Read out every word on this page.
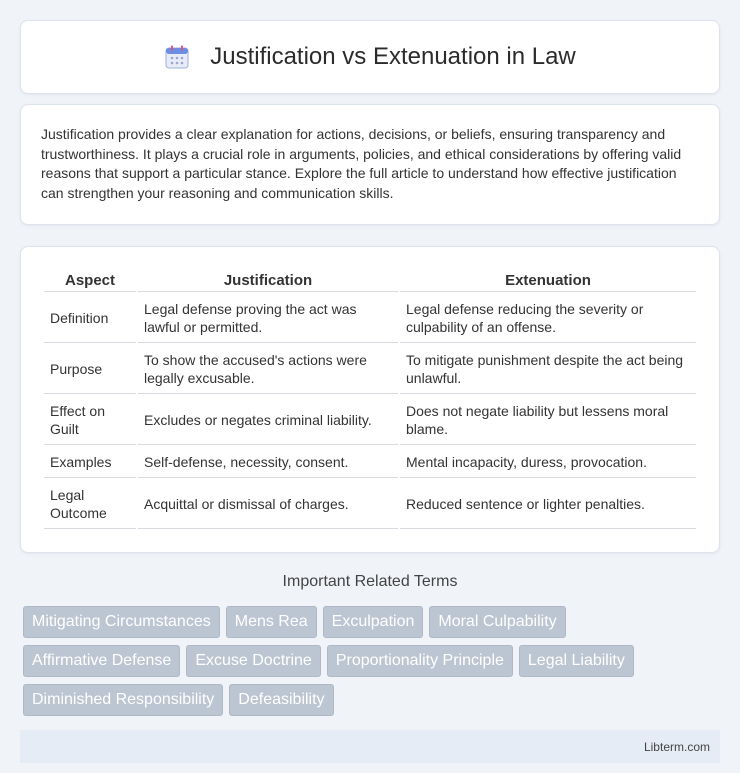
Justification vs Extenuation in Law

Justification provides a clear explanation for actions, decisions, or beliefs, ensuring transparency and trustworthiness. It plays a crucial role in arguments, policies, and ethical considerations by offering valid reasons that support a particular stance. Explore the full article to understand how effective justification can strengthen your reasoning and communication skills.

Aspect	Justification	Extenuation
Definition	Legal defense proving the act was lawful or permitted.	Legal defense reducing the severity or culpability of an offense.
Purpose	To show the accused's actions were legally excusable.	To mitigate punishment despite the act being unlawful.
Effect on Guilt	Excludes or negates criminal liability.	Does not negate liability but lessens moral blame.
Examples	Self-defense, necessity, consent.	Mental incapacity, duress, provocation.
Legal Outcome	Acquittal or dismissal of charges.	Reduced sentence or lighter penalties.
Important Related Terms
Mitigating Circumstances	Mens Rea	Exculpation	Moral Culpability
Affirmative Defense	Excuse Doctrine	Proportionality Principle	Legal Liability
Diminished Responsibility	Defeasibility
Libterm.com
